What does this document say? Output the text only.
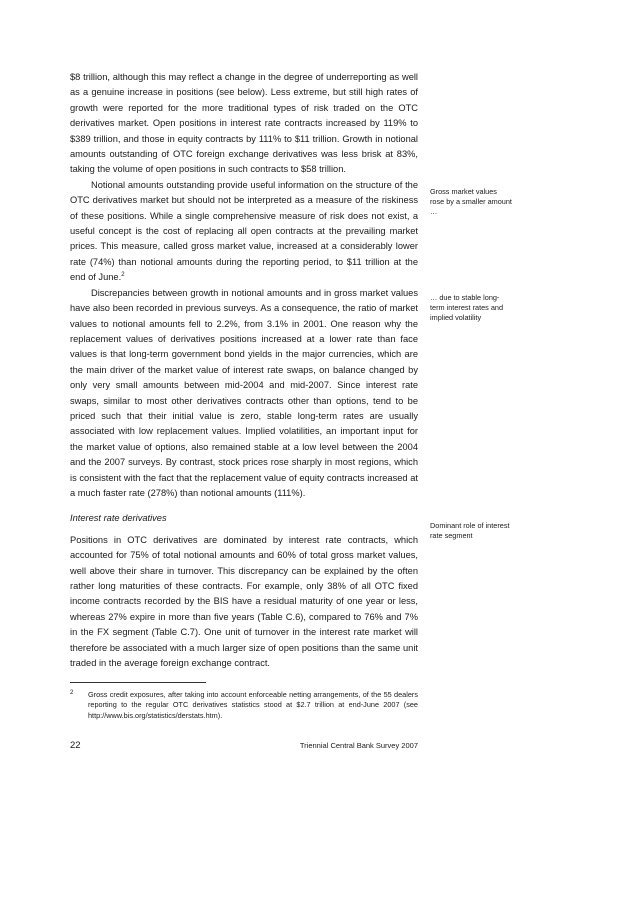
$8 trillion, although this may reflect a change in the degree of underreporting as well as a genuine increase in positions (see below). Less extreme, but still high rates of growth were reported for the more traditional types of risk traded on the OTC derivatives market. Open positions in interest rate contracts increased by 119% to $389 trillion, and those in equity contracts by 111% to $11 trillion. Growth in notional amounts outstanding of OTC foreign exchange derivatives was less brisk at 83%, taking the volume of open positions in such contracts to $58 trillion.

Notional amounts outstanding provide useful information on the structure of the OTC derivatives market but should not be interpreted as a measure of the riskiness of these positions. While a single comprehensive measure of risk does not exist, a useful concept is the cost of replacing all open contracts at the prevailing market prices. This measure, called gross market value, increased at a considerably lower rate (74%) than notional amounts during the reporting period, to $11 trillion at the end of June.$^2$

Discrepancies between growth in notional amounts and in gross market values have also been recorded in previous surveys. As a consequence, the ratio of market values to notional amounts fell to 2.2%, from 3.1% in 2001. One reason why the replacement values of derivatives positions increased at a lower rate than face values is that long-term government bond yields in the major currencies, which are the main driver of the market value of interest rate swaps, on balance changed by only very small amounts between mid-2004 and mid-2007. Since interest rate swaps, similar to most other derivatives contracts other than options, tend to be priced such that their initial value is zero, stable long-term rates are usually associated with low replacement values. Implied volatilities, an important input for the market value of options, also remained stable at a low level between the 2004 and the 2007 surveys. By contrast, stock prices rose sharply in most regions, which is consistent with the fact that the replacement value of equity contracts increased at a much faster rate (278%) than notional amounts (111%).

Interest rate derivatives

Positions in OTC derivatives are dominated by interest rate contracts, which accounted for 75% of total notional amounts and 60% of total gross market values, well above their share in turnover. This discrepancy can be explained by the often rather long maturities of these contracts. For example, only 38% of all OTC fixed income contracts recorded by the BIS have a residual maturity of one year or less, whereas 27% expire in more than five years (Table C.6), compared to 76% and 7% in the FX segment (Table C.7). One unit of turnover in the interest rate market will therefore be associated with a much larger size of open positions than the same unit traded in the average foreign exchange contract.

Gross market values rose by a smaller amount …
… due to stable long-term interest rates and implied volatility
Dominant role of interest rate segment
2 Gross credit exposures, after taking into account enforceable netting arrangements, of the 55 dealers reporting to the regular OTC derivatives statistics stood at $2.7 trillion at end-June 2007 (see http://www.bis.org/statistics/derstats.htm).
22	Triennial Central Bank Survey 2007
